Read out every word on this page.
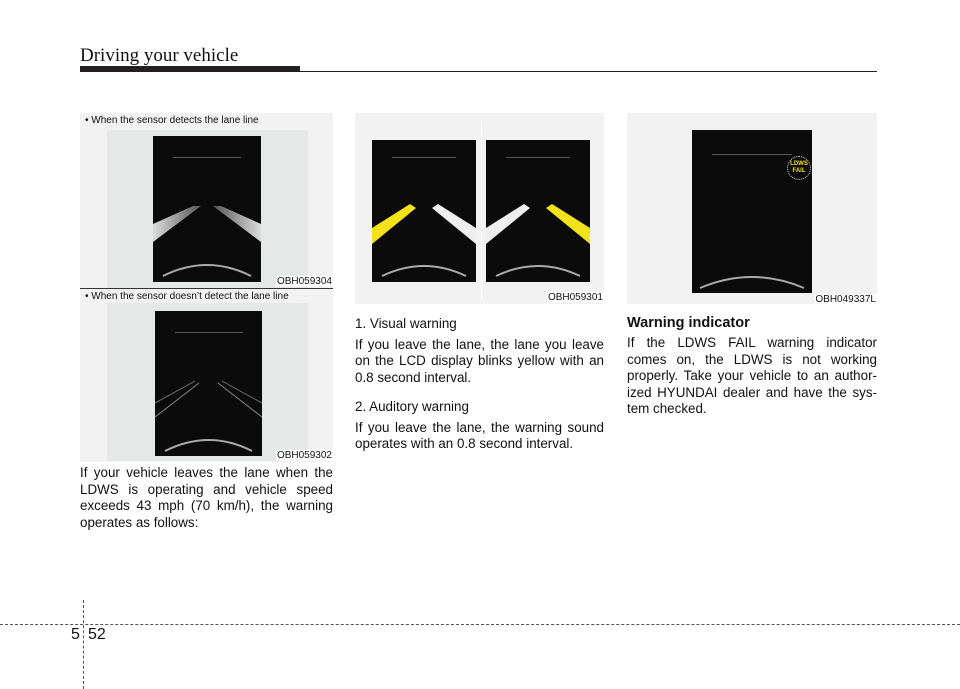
Driving your vehicle
• When the sensor detects the lane line
OBH059304
• When the sensor doesn’t detect the lane line
OBH059302
If your vehicle leaves the lane when the LDWS is operating and vehicle speed exceeds 43 mph (70 km/h), the warning operates as follows:
OBH059301
1. Visual warning
If you leave the lane, the lane you leave on the LCD display blinks yellow with an 0.8 second interval.
2. Auditory warning
If you leave the lane, the warning sound operates with an 0.8 second interval.
LDWS
FAIL
OBH049337L
Warning indicator
If the LDWS FAIL warning indicator comes on, the LDWS is not working properly. Take your vehicle to an author-ized HYUNDAI dealer and have the sys-tem checked.
5 52
